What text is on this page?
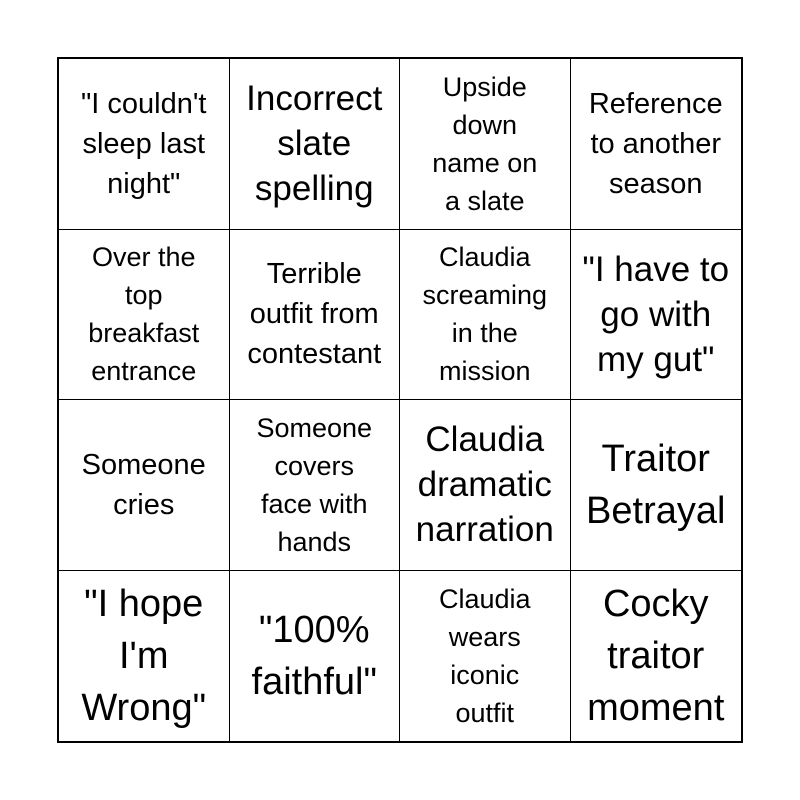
"I couldn't
sleep last
night"
Incorrect
slate
spelling
Upside
down
name on
a slate
Reference
to another
season
Over the
top
breakfast
entrance
Terrible
outfit from
contestant
Claudia
screaming
in the
mission
"I have to
go with
my gut"
Someone
cries
Someone
covers
face with
hands
Claudia
dramatic
narration
Traitor
Betrayal
"I hope
I'm
Wrong"
"100%
faithful"
Claudia
wears
iconic
outfit
Cocky
traitor
moment
